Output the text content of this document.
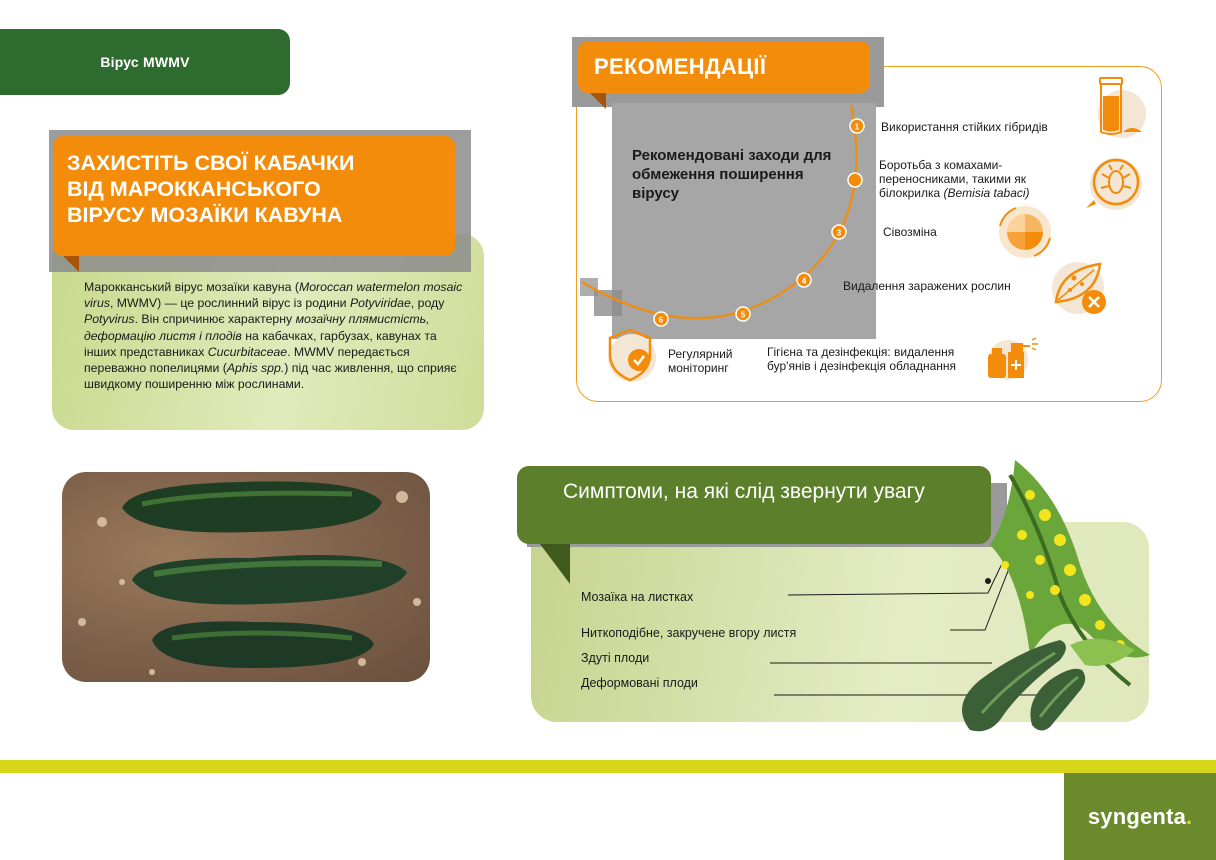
Вірус MWMV
ЗАХИСТІТЬ СВОЇ КАБАЧКИ
ВІД МАРОККАНСЬКОГО
ВІРУСУ МОЗАЇКИ КАВУНА
Марокканський вірус мозаїки кавуна (Moroccan watermelon mosaic virus, MWMV) — це рослинний вірус із родини Potyviridae, роду Potyvirus. Він спричинює характерну мозаїчну плямистість, деформацію листя і плодів на кабачках, гарбузах, кавунах та інших представниках Cucurbitaceae. MWMV передається переважно попелицями (Aphis spp.) під час живлення, що сприяє швидкому поширенню між рослинами.
РЕКОМЕНДАЦІЇ
Рекомендовані заходи для обмеження поширення вірусу
1
3
4
5
6
Використання стійких гібридів
Боротьба з комахами-переносниками, такими як білокрилка (Bemisia tabaci)
Сівозміна
Видалення заражених рослин
Гігієна та дезінфекція: видалення бур'янів і дезінфекція обладнання
Регулярний моніторинг
Симптоми, на які слід звернути увагу
Мозаїка на листках
Ниткоподібне, закручене вгору листя
Здуті плоди
Деформовані плоди
syngenta .
